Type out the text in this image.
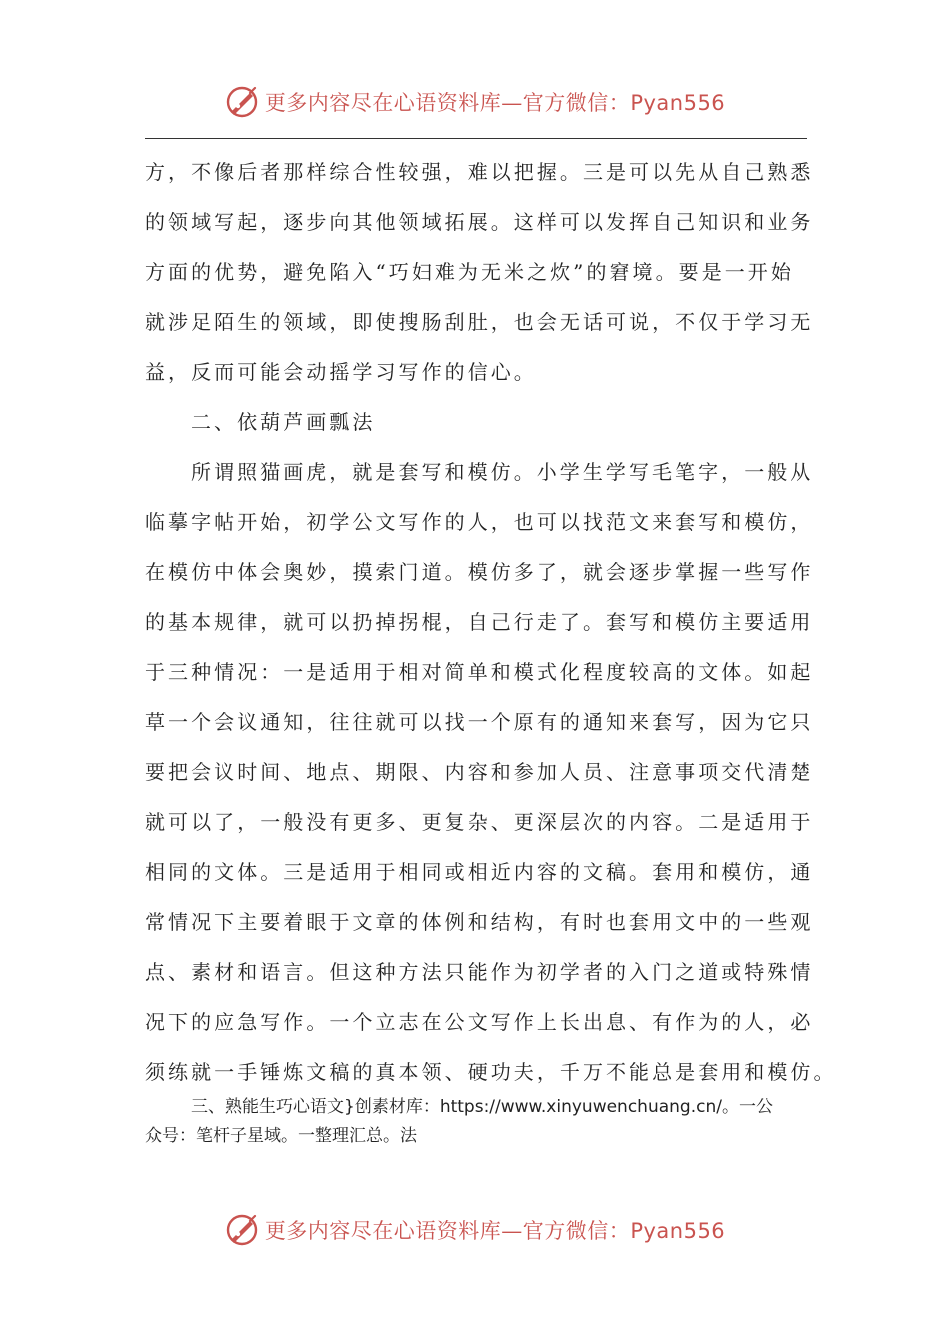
更多内容尽在心语资料库—官方微信：Pyan556
方，不像后者那样综合性较强，难以把握。三是可以先从自己熟悉
的领域写起，逐步向其他领域拓展。这样可以发挥自己知识和业务
方面的优势，避免陷入“巧妇难为无米之炊”的窘境。要是一开始
就涉足陌生的领域，即使搜肠刮肚，也会无话可说，不仅于学习无
益，反而可能会动摇学习写作的信心。
二、依葫芦画瓢法
所谓照猫画虎，就是套写和模仿。小学生学写毛笔字，一般从
临摹字帖开始，初学公文写作的人，也可以找范文来套写和模仿，
在模仿中体会奥妙，摸索门道。模仿多了，就会逐步掌握一些写作
的基本规律，就可以扔掉拐棍，自己行走了。套写和模仿主要适用
于三种情况：一是适用于相对简单和模式化程度较高的文体。如起
草一个会议通知，往往就可以找一个原有的通知来套写，因为它只
要把会议时间、地点、期限、内容和参加人员、注意事项交代清楚
就可以了，一般没有更多、更复杂、更深层次的内容。二是适用于
相同的文体。三是适用于相同或相近内容的文稿。套用和模仿，通
常情况下主要着眼于文章的体例和结构，有时也套用文中的一些观
点、素材和语言。但这种方法只能作为初学者的入门之道或特殊情
况下的应急写作。一个立志在公文写作上长出息、有作为的人，必
须练就一手锤炼文稿的真本领、硬功夫，千万不能总是套用和模仿。
三、熟能生巧心语文}创素材库：https://www.xinyuwenchuang.cn/。一公
众号：笔杆子星域。一整理汇总。法
更多内容尽在心语资料库—官方微信：Pyan556
